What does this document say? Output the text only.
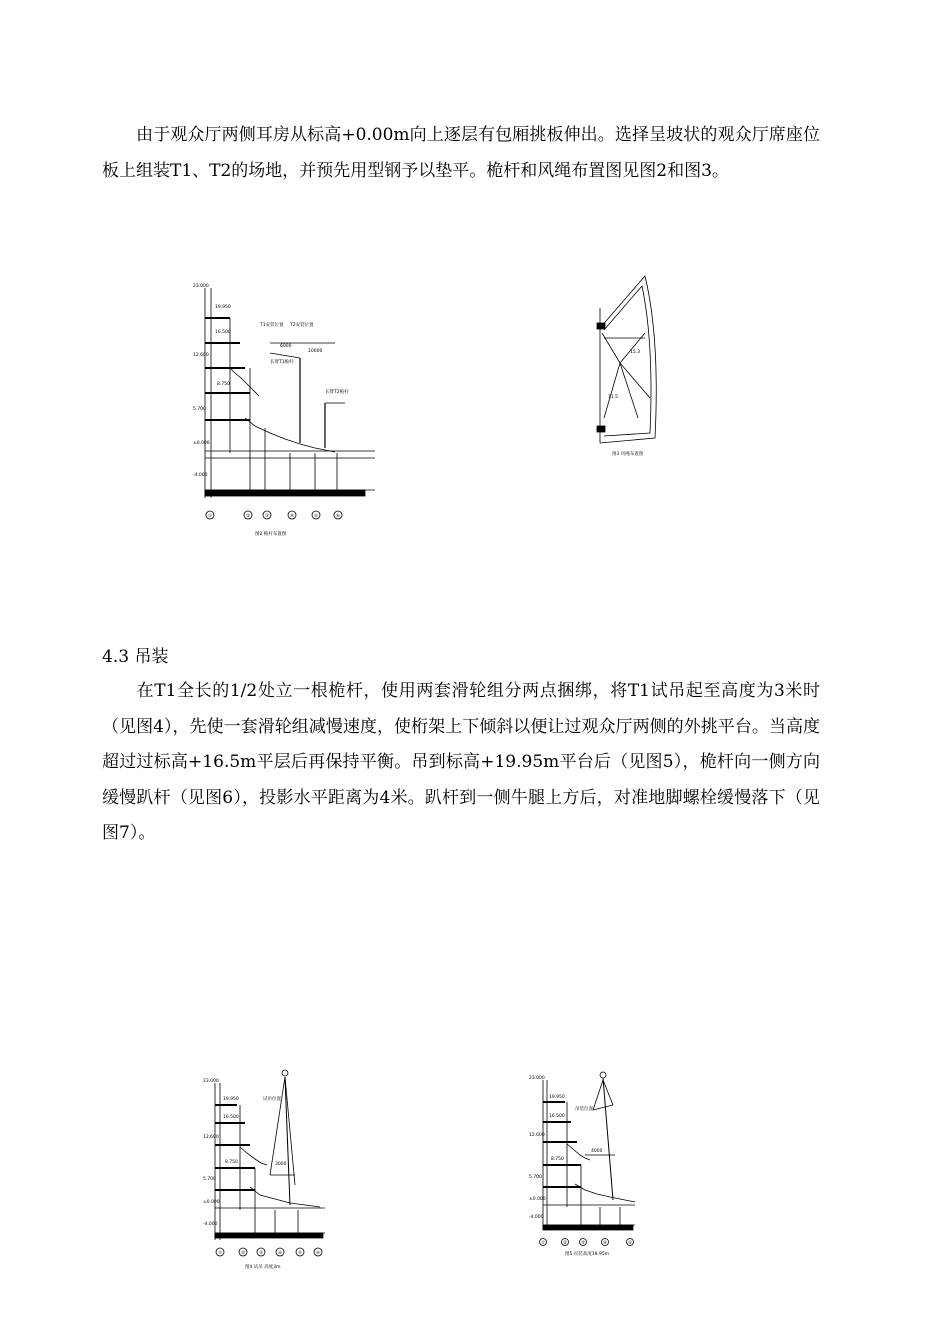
由于观众厅两侧耳房从标高+0.00m向上逐层有包厢挑板伸出。选择呈坡状的观众厅席座位板上组装T1、T2的场地，并预先用型钢予以垫平。桅杆和风绳布置图见图2和图3。

23.000
19.950
16.500
12.600
8.750
5.700
±0.000
-4.000
T1安装位置 T2安装位置
6000
10000
长臂T1桅杆
长臂T2桅杆
①	②	③	④	⑤	⑥
图2 桅杆布置图
15.3
11.5
图3 风绳布置图
4.3 吊装

在T1全长的1/2处立一根桅杆，使用两套滑轮组分两点捆绑，将T1试吊起至高度为3米时（见图4），先使一套滑轮组减慢速度，使桁架上下倾斜以便让过观众厅两侧的外挑平台。当高度超过过标高+16.5m平层后再保持平衡。吊到标高+19.95m平台后（见图5），桅杆向一侧方向缓慢趴杆（见图6），投影水平距离为4米。趴杆到一侧牛腿上方后，对准地脚螺栓缓慢落下（见图7）。

23.000
19.950
16.500
12.600
8.750
5.700
±0.000
-4.000
试吊位置
3000
①	②	③	④	⑤	⑥
图4 试吊 高度3m
23.000
19.950
16.500
12.600
8.750
5.700
±0.000
-4.000
吊装位置
4000
①	②	③	④	⑤
图5 吊装高度19.95m
